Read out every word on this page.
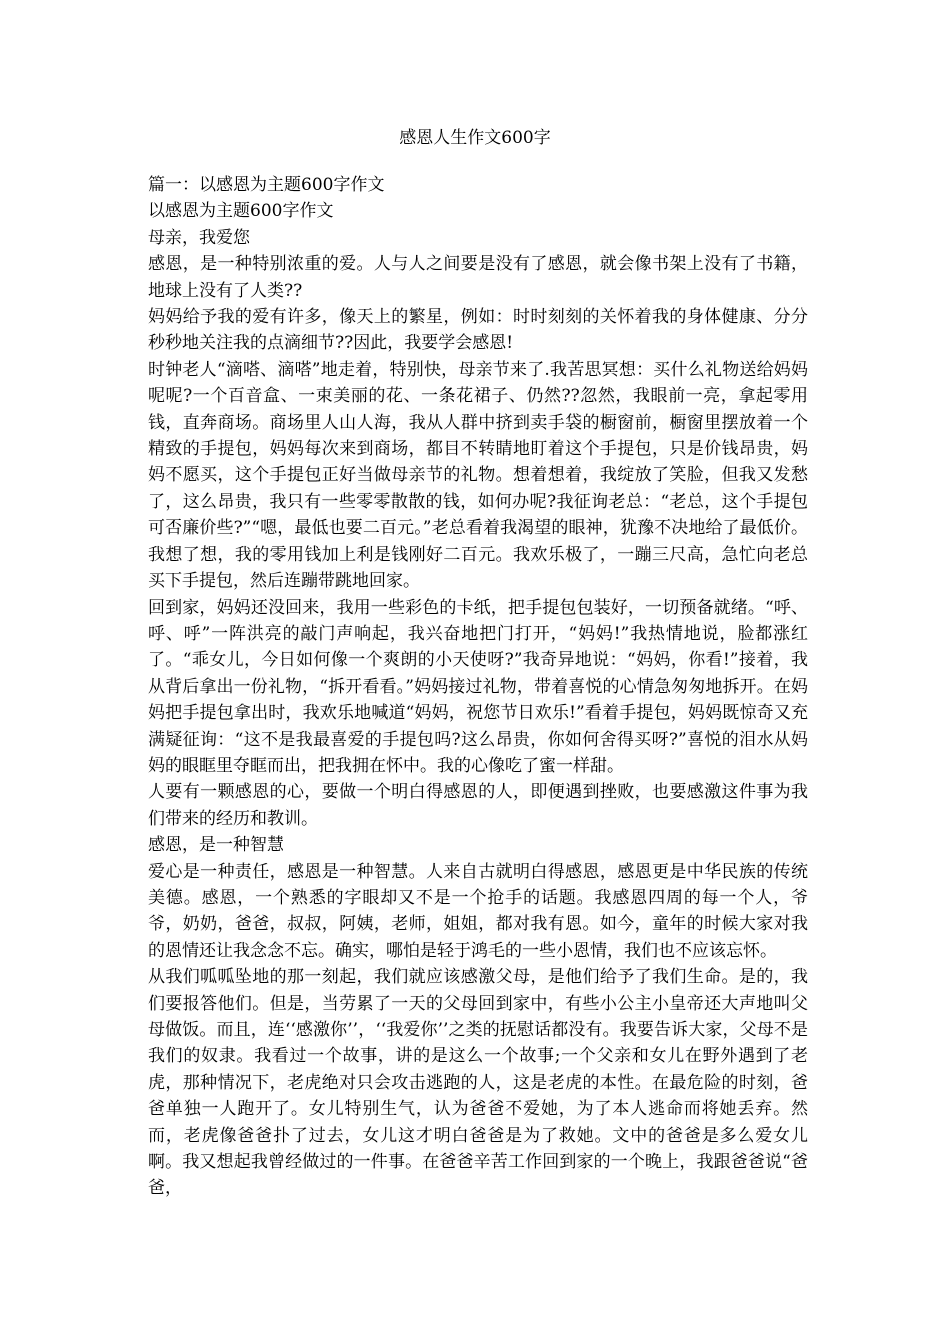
感恩人生作文600字

篇一：以感恩为主题600字作文

以感恩为主题600字作文

母亲，我爱您

感恩，是一种特别浓重的爱。人与人之间要是没有了感恩，就会像书架上没有了书籍，地球上没有了人类??

妈妈给予我的爱有许多，像天上的繁星，例如：时时刻刻的关怀着我的身体健康、分分秒秒地关注我的点滴细节??因此，我要学会感恩!

时钟老人“滴嗒、滴嗒”地走着，特别快，母亲节来了.我苦思冥想：买什么礼物送给妈妈呢呢?一个百音盒、一束美丽的花、一条花裙子、仍然??忽然，我眼前一亮，拿起零用钱，直奔商场。商场里人山人海，我从人群中挤到卖手袋的橱窗前，橱窗里摆放着一个精致的手提包，妈妈每次来到商场，都目不转睛地盯着这个手提包，只是价钱昂贵，妈妈不愿买，这个手提包正好当做母亲节的礼物。想着想着，我绽放了笑脸，但我又发愁了，这么昂贵，我只有一些零零散散的钱，如何办呢?我征询老总：“老总，这个手提包可否廉价些?”“嗯，最低也要二百元。”老总看着我渴望的眼神，犹豫不决地给了最低价。我想了想，我的零用钱加上利是钱刚好二百元。我欢乐极了，一蹦三尺高，急忙向老总买下手提包，然后连蹦带跳地回家。

回到家，妈妈还没回来，我用一些彩色的卡纸，把手提包包装好，一切预备就绪。“呼、呼、呼”一阵洪亮的敲门声响起，我兴奋地把门打开，“妈妈!”我热情地说，脸都涨红了。“乖女儿，今日如何像一个爽朗的小天使呀?”我奇异地说：“妈妈，你看!”接着，我从背后拿出一份礼物，“拆开看看。”妈妈接过礼物，带着喜悦的心情急匆匆地拆开。在妈妈把手提包拿出时，我欢乐地喊道“妈妈，祝您节日欢乐!”看着手提包，妈妈既惊奇又充满疑征询：“这不是我最喜爱的手提包吗?这么昂贵，你如何舍得买呀?”喜悦的泪水从妈妈的眼眶里夺眶而出，把我拥在怀中。我的心像吃了蜜一样甜。

人要有一颗感恩的心，要做一个明白得感恩的人，即便遇到挫败，也要感激这件事为我们带来的经历和教训。

感恩，是一种智慧

爱心是一种责任，感恩是一种智慧。人来自古就明白得感恩，感恩更是中华民族的传统美德。感恩，一个熟悉的字眼却又不是一个抢手的话题。我感恩四周的每一个人，爷爷，奶奶，爸爸，叔叔，阿姨，老师，姐姐，都对我有恩。如今，童年的时候大家对我的恩情还让我念念不忘。确实，哪怕是轻于鸿毛的一些小恩情，我们也不应该忘怀。

从我们呱呱坠地的那一刻起，我们就应该感激父母，是他们给予了我们生命。是的，我们要报答他们。但是，当劳累了一天的父母回到家中，有些小公主小皇帝还大声地叫父母做饭。而且，连‘‘感激你’’，‘‘我爱你’’之类的抚慰话都没有。我要告诉大家，父母不是我们的奴隶。我看过一个故事，讲的是这么一个故事;一个父亲和女儿在野外遇到了老虎，那种情况下，老虎绝对只会攻击逃跑的人，这是老虎的本性。在最危险的时刻，爸爸单独一人跑开了。女儿特别生气，认为爸爸不爱她，为了本人逃命而将她丢弃。然而，老虎像爸爸扑了过去，女儿这才明白爸爸是为了救她。文中的爸爸是多么爱女儿啊。我又想起我曾经做过的一件事。在爸爸辛苦工作回到家的一个晚上，我跟爸爸说“爸爸，
